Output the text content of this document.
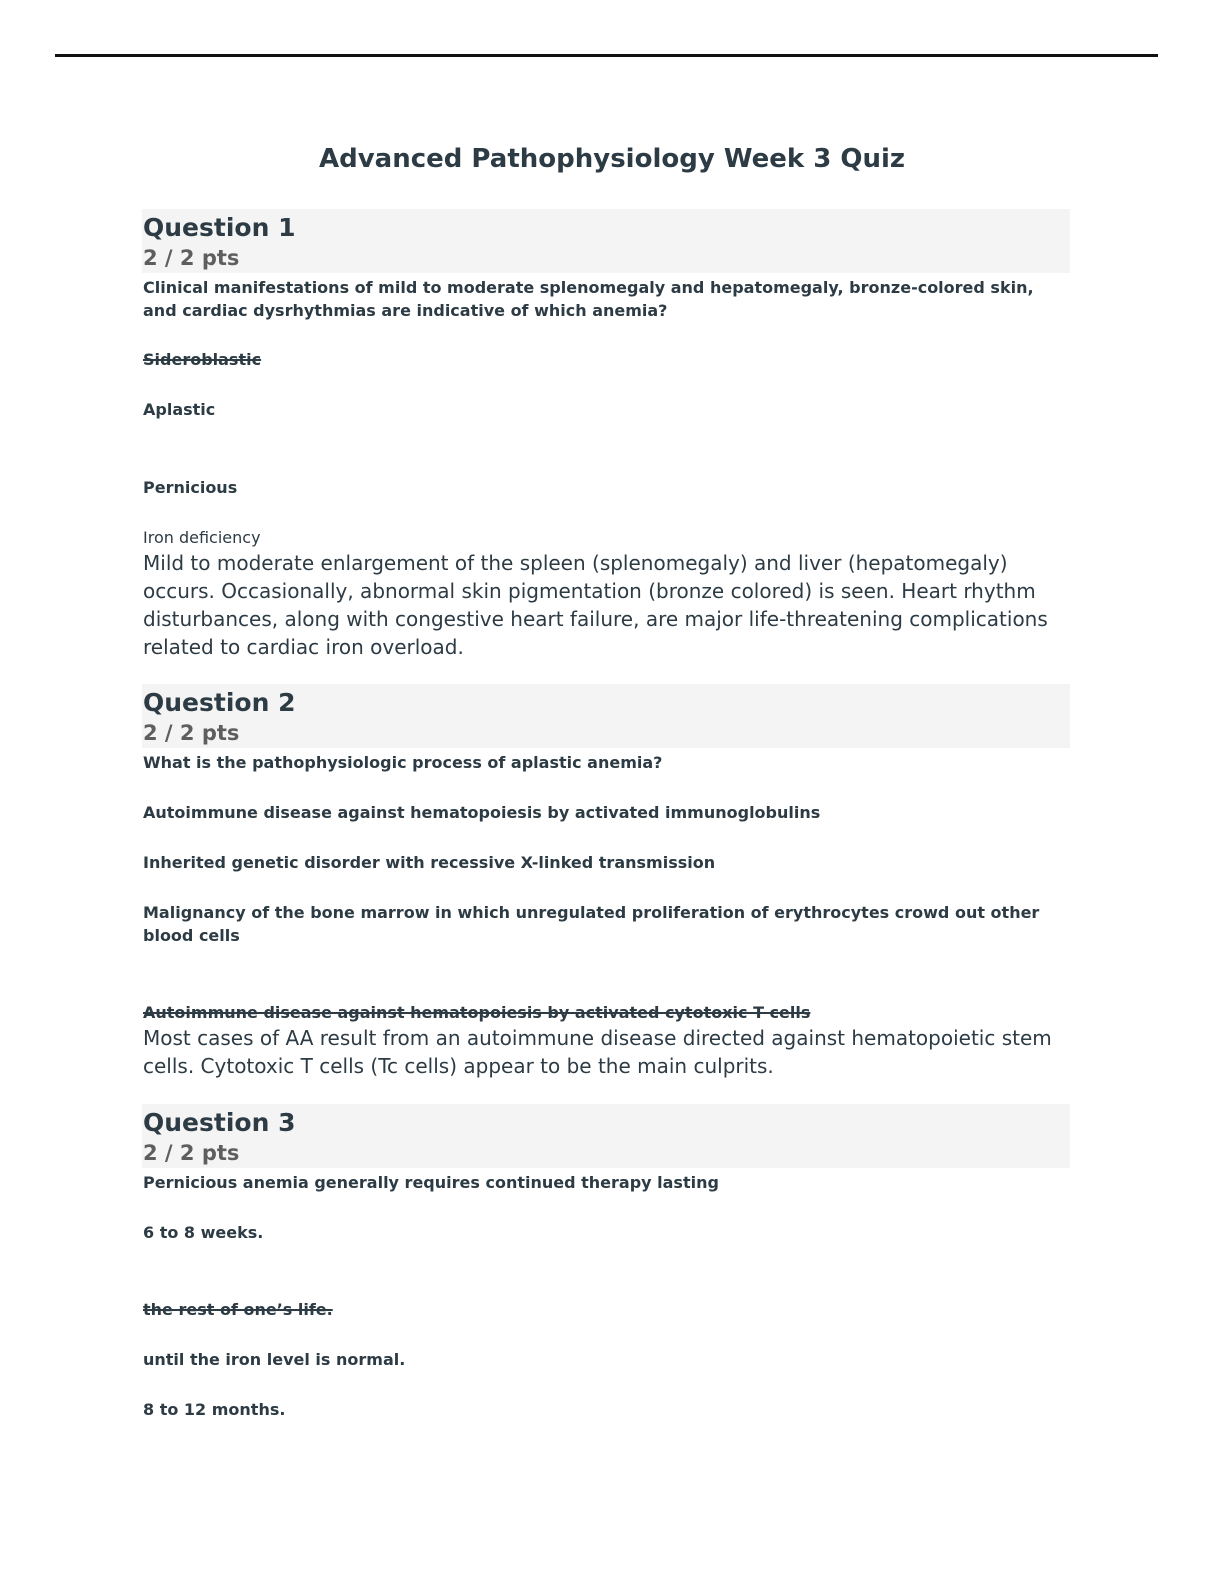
Advanced Pathophysiology Week 3 Quiz
Question 1
2 / 2 pts

Clinical manifestations of mild to moderate splenomegaly and hepatomegaly, bronze-colored skin, and cardiac dysrhythmias are indicative of which anemia?

Sideroblastic
Aplastic
Pernicious
Iron deficiency
Mild to moderate enlargement of the spleen (splenomegaly) and liver (hepatomegaly) occurs. Occasionally, abnormal skin pigmentation (bronze colored) is seen. Heart rhythm disturbances, along with congestive heart failure, are major life-threatening complications related to cardiac iron overload.
Question 2
2 / 2 pts

What is the pathophysiologic process of aplastic anemia?

Autoimmune disease against hematopoiesis by activated immunoglobulins
Inherited genetic disorder with recessive X-linked transmission
Malignancy of the bone marrow in which unregulated proliferation of erythrocytes crowd out other blood cells
Autoimmune disease against hematopoiesis by activated cytotoxic T cells
Most cases of AA result from an autoimmune disease directed against hematopoietic stem cells. Cytotoxic T cells (Tc cells) appear to be the main culprits.
Question 3
2 / 2 pts

Pernicious anemia generally requires continued therapy lasting

6 to 8 weeks.
the rest of one’s life.
until the iron level is normal.
8 to 12 months.
